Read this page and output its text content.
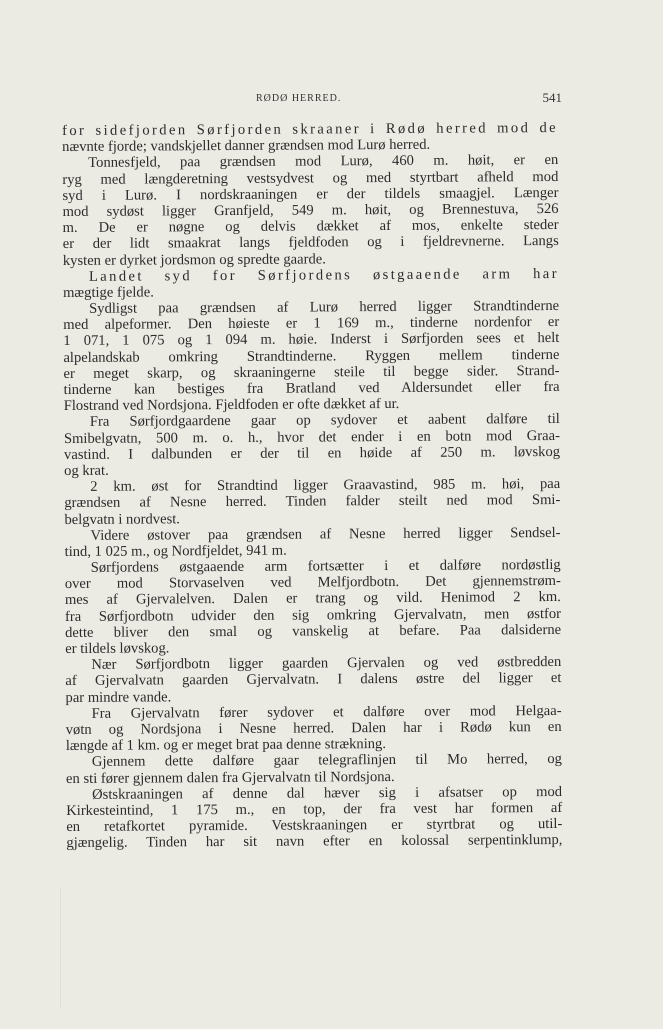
RØDØ HERRED.	541
for sidefjorden Sørfjorden skraaner i Rødø herred mod de
nævnte fjorde; vandskjellet danner grændsen mod Lurø herred.
Tonnesfjeld, paa grændsen mod Lurø, 460 m. høit, er en
ryg med længderetning vestsydvest og med styrtbart afheld mod
syd i Lurø. I nordskraaningen er der tildels smaagjel. Længer
mod sydøst ligger Granfjeld, 549 m. høit, og Brennestuva, 526
m. De er nøgne og delvis dækket af mos, enkelte steder
er der lidt smaakrat langs fjeldfoden og i fjeldrevnerne. Langs
kysten er dyrket jordsmon og spredte gaarde.
Landet syd for Sørfjordens østgaaende arm har
mægtige fjelde.
Sydligst paa grændsen af Lurø herred ligger Strandtinderne
med alpeformer. Den høieste er 1 169 m., tinderne nordenfor er
1 071, 1 075 og 1 094 m. høie. Inderst i Sørfjorden sees et helt
alpelandskab omkring Strandtinderne. Ryggen mellem tinderne
er meget skarp, og skraaningerne steile til begge sider. Strand-
tinderne kan bestiges fra Bratland ved Aldersundet eller fra
Flostrand ved Nordsjona. Fjeldfoden er ofte dækket af ur.
Fra Sørfjordgaardene gaar op sydover et aabent dalføre til
Smibelgvatn, 500 m. o. h., hvor det ender i en botn mod Graa-
vastind. I dalbunden er der til en høide af 250 m. løvskog
og krat.
2 km. øst for Strandtind ligger Graavastind, 985 m. høi, paa
grændsen af Nesne herred. Tinden falder steilt ned mod Smi-
belgvatn i nordvest.
Videre østover paa grændsen af Nesne herred ligger Sendsel-
tind, 1 025 m., og Nordfjeldet, 941 m.
Sørfjordens østgaaende arm fortsætter i et dalføre nordøstlig
over mod Storvaselven ved Melfjordbotn. Det gjennemstrøm-
mes af Gjervalelven. Dalen er trang og vild. Henimod 2 km.
fra Sørfjordbotn udvider den sig omkring Gjervalvatn, men østfor
dette bliver den smal og vanskelig at befare. Paa dalsiderne
er tildels løvskog.
Nær Sørfjordbotn ligger gaarden Gjervalen og ved østbredden
af Gjervalvatn gaarden Gjervalvatn. I dalens østre del ligger et
par mindre vande.
Fra Gjervalvatn fører sydover et dalføre over mod Helgaa-
vøtn og Nordsjona i Nesne herred. Dalen har i Rødø kun en
længde af 1 km. og er meget brat paa denne strækning.
Gjennem dette dalføre gaar telegraflinjen til Mo herred, og
en sti fører gjennem dalen fra Gjervalvatn til Nordsjona.
Østskraaningen af denne dal hæver sig i afsatser op mod
Kirkesteintind, 1 175 m., en top, der fra vest har formen af
en retafkortet pyramide. Vestskraaningen er styrtbrat og util-
gjængelig. Tinden har sit navn efter en kolossal serpentinklump,
